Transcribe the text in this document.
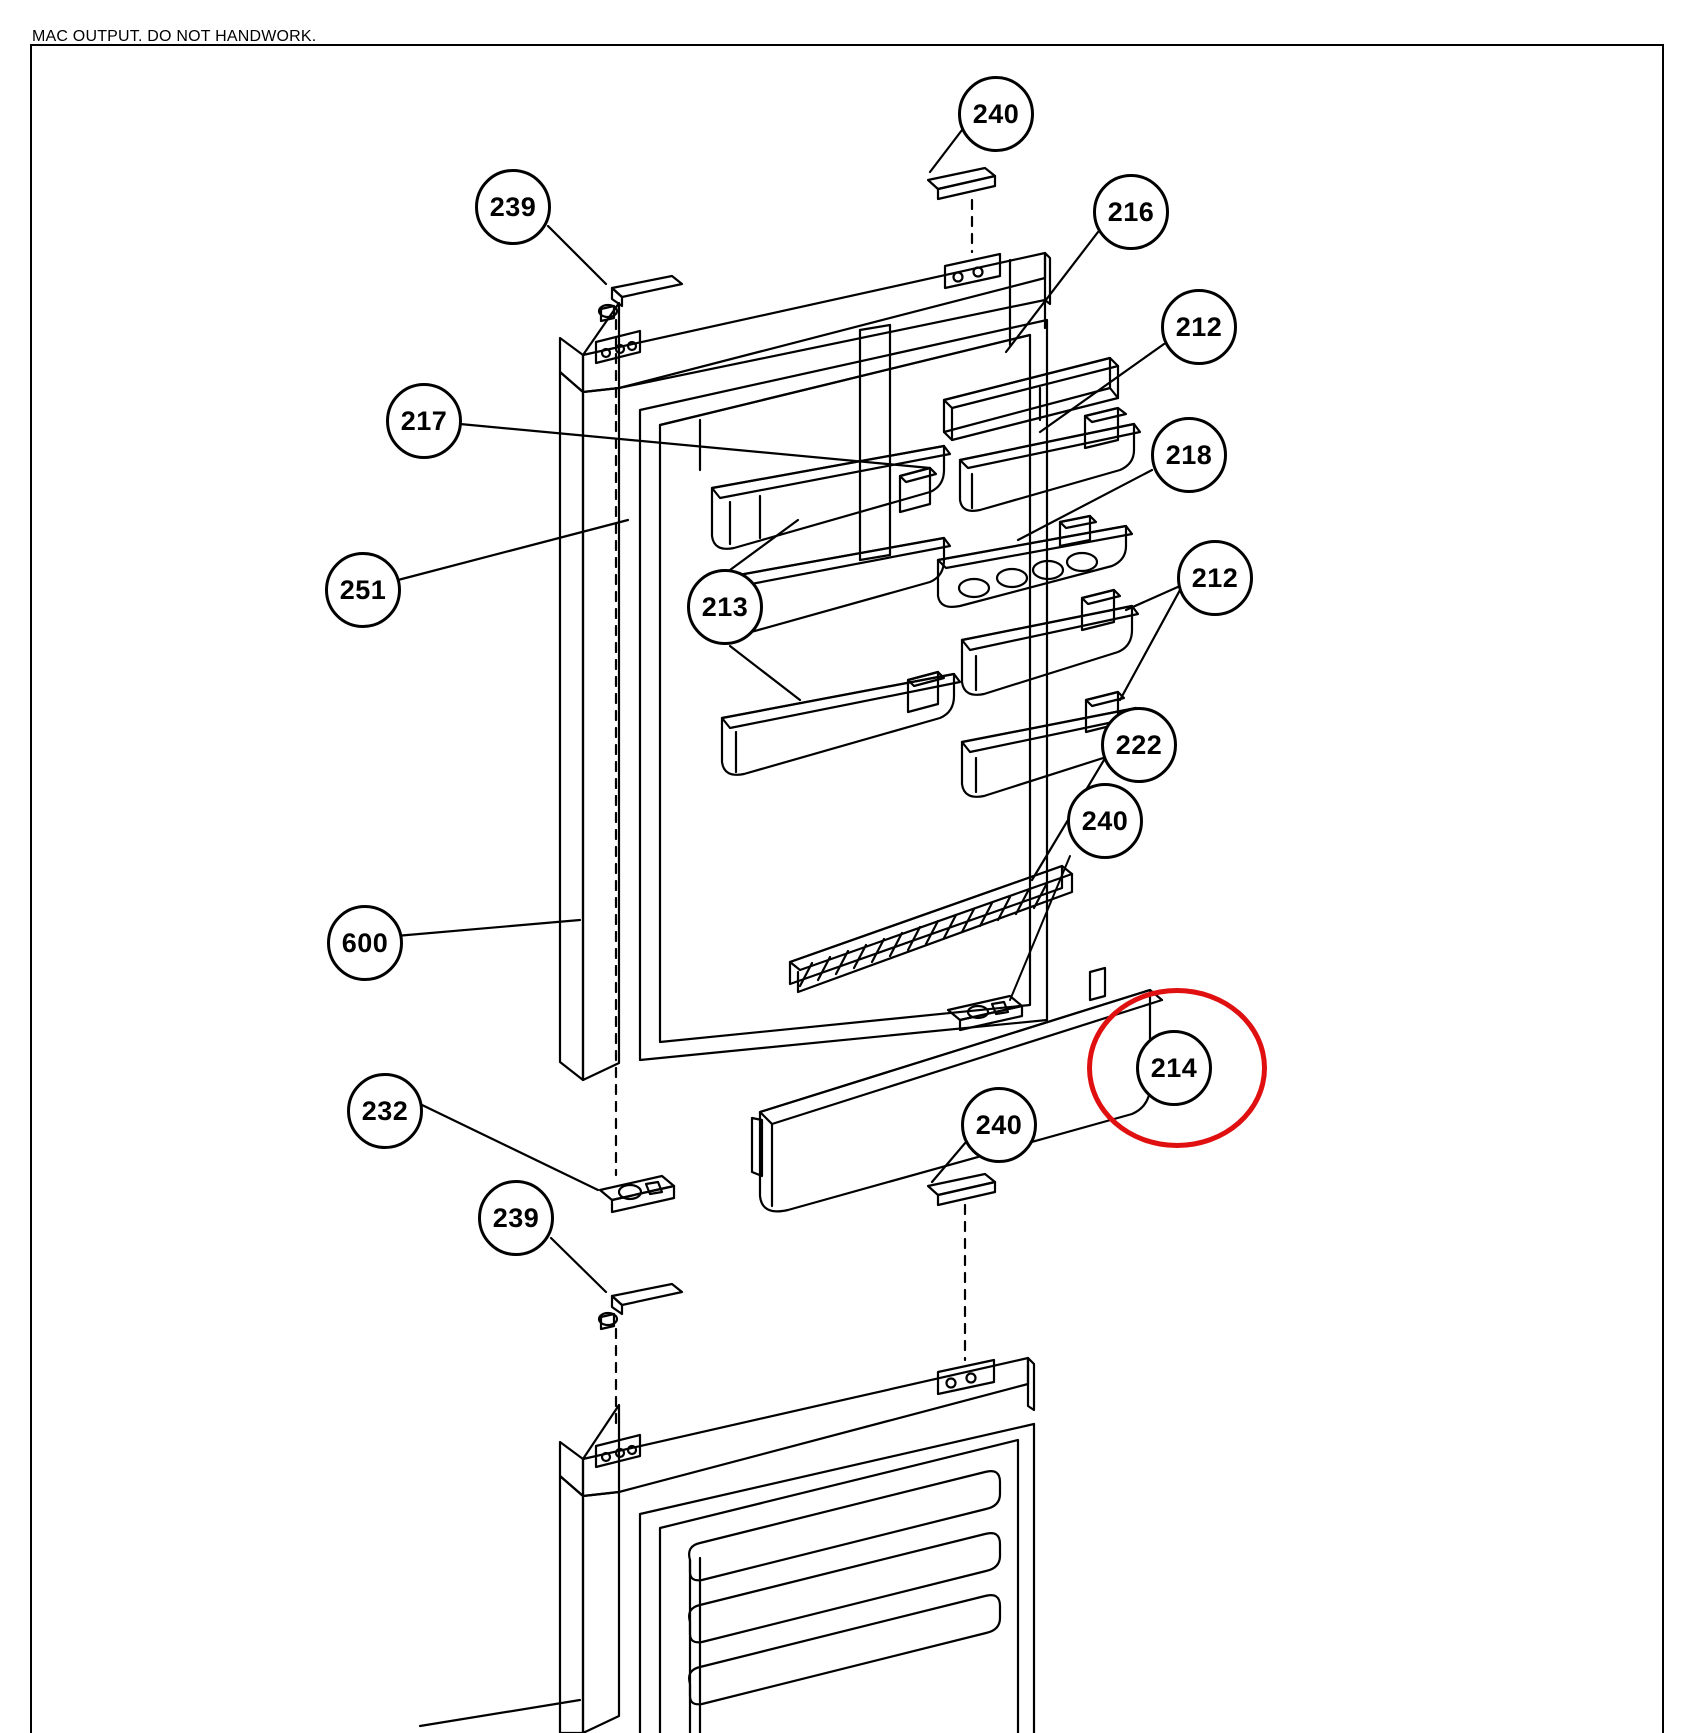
MAC OUTPUT. DO NOT HANDWORK.
240
239	216
212
217
218
212
251
213
222
240
600
214
232	240
239
